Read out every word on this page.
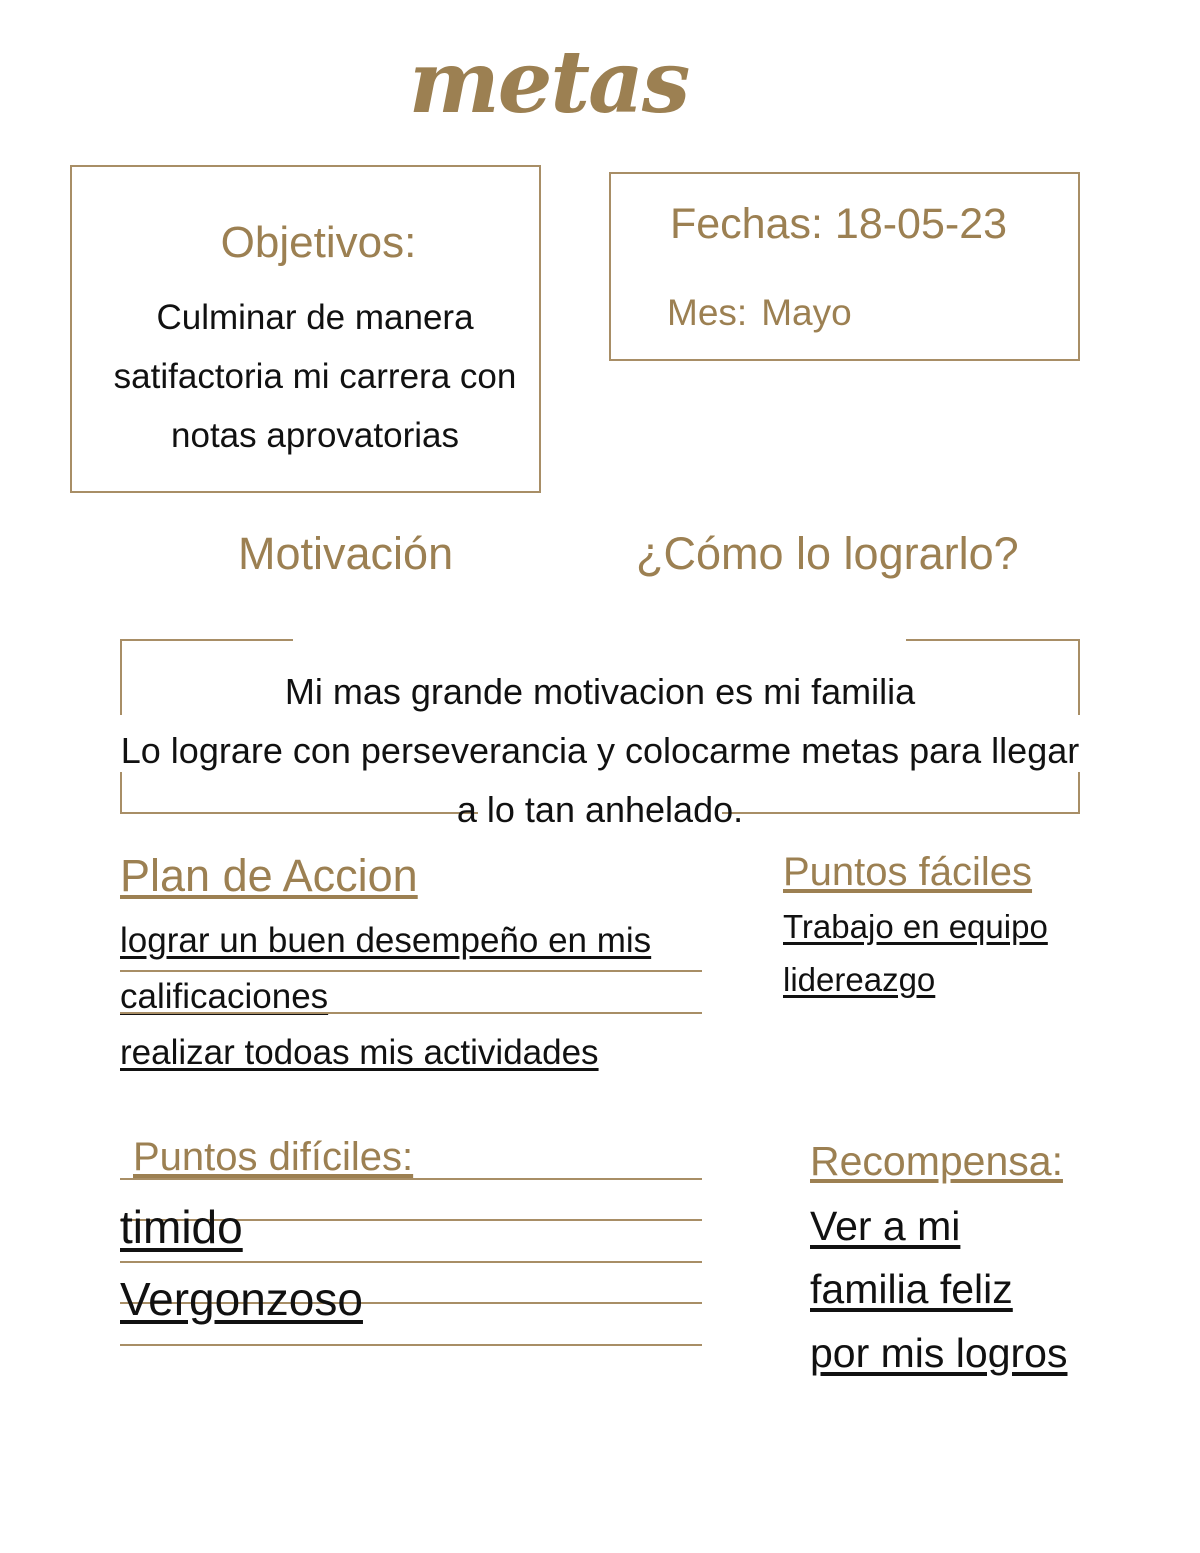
metas
Objetivos:
Culminar de manera satifactoria mi carrera con notas aprovatorias
Fechas: 18-05-23
Mes: Mayo
Motivación	¿Cómo lo lograrlo?
Mi mas grande motivacion es mi familia
Lo lograre con perseverancia y colocarme metas para llegar a lo tan anhelado.
Plan de Accion
lograr un buen desempeño en mis
calificaciones
realizar todoas mis actividades
Puntos fáciles
Trabajo en equipo
lidereazgo
Puntos difíciles:
timido
Vergonzoso
Recompensa:
Ver a mi
familia feliz
por mis logros
